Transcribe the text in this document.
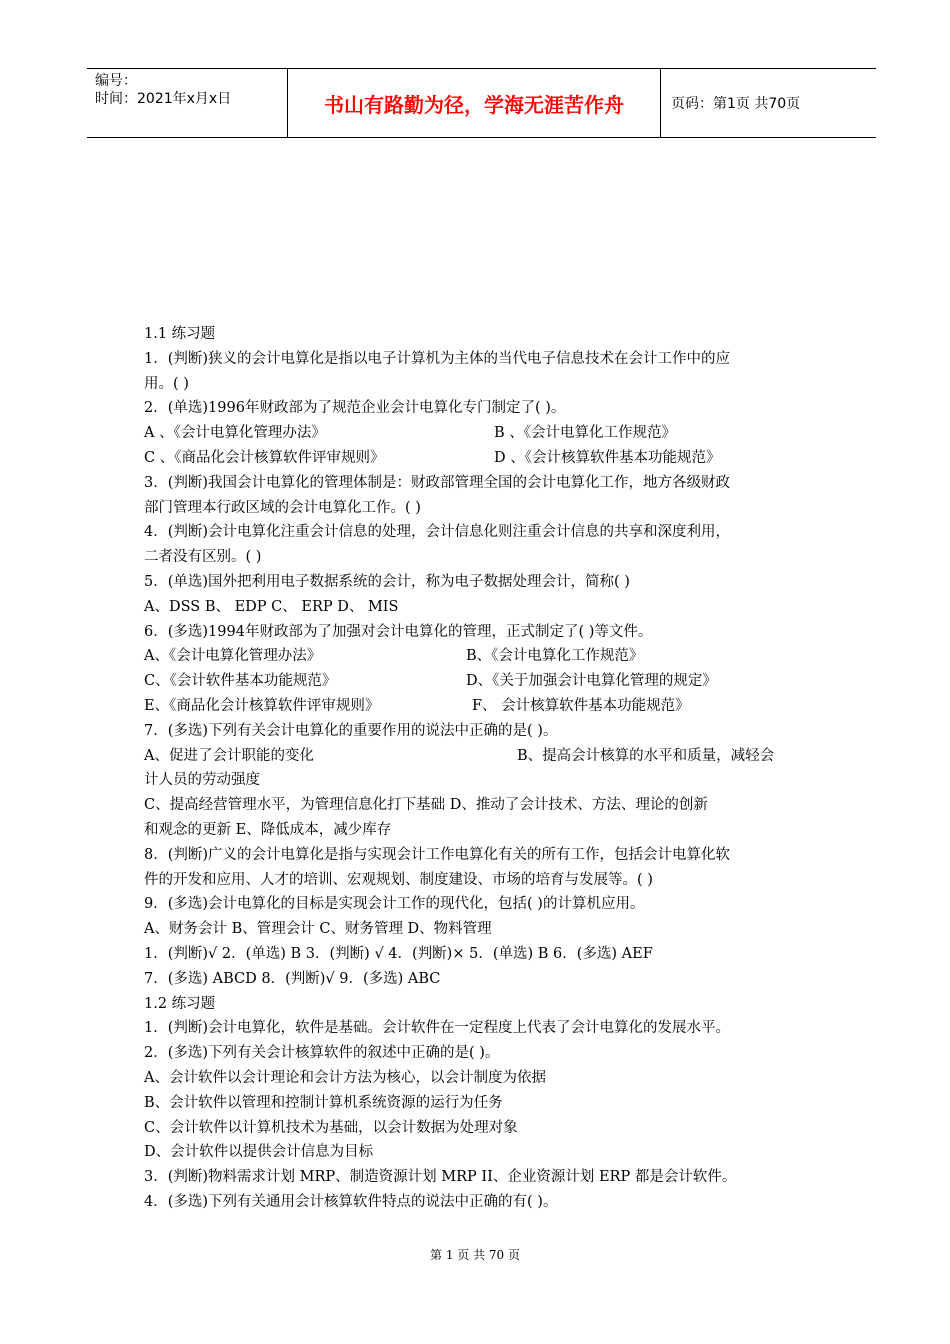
编号：
时间：2021年x月x日	书山有路勤为径，学海无涯苦作舟	页码：第1页 共70页
1.1 练习题
1．(判断)狭义的会计电算化是指以电子计算机为主体的当代电子信息技术在会计工作中的应
用。( )
2．(单选)1996年财政部为了规范企业会计电算化专门制定了( )。
A 、《会计电算化管理办法》	B 、《会计电算化工作规范》
C 、《商品化会计核算软件评审规则》	D 、《会计核算软件基本功能规范》
3．(判断)我国会计电算化的管理体制是：财政部管理全国的会计电算化工作，地方各级财政
部门管理本行政区域的会计电算化工作。( )
4．(判断)会计电算化注重会计信息的处理，会计信息化则注重会计信息的共享和深度利用，
二者没有区别。( )
5．(单选)国外把利用电子数据系统的会计，称为电子数据处理会计，简称( )
A、DSS B、 EDP C、 ERP D、 MIS
6．(多选)1994年财政部为了加强对会计电算化的管理，正式制定了( )等文件。
A、《会计电算化管理办法》	B、《会计电算化工作规范》
C、《会计软件基本功能规范》	D、《关于加强会计电算化管理的规定》
E、《商品化会计核算软件评审规则》	F、 会计核算软件基本功能规范》
7．(多选)下列有关会计电算化的重要作用的说法中正确的是( )。
A、促进了会计职能的变化	B、提高会计核算的水平和质量，减轻会
计人员的劳动强度
C、提高经营管理水平，为管理信息化打下基础 D、推动了会计技术、方法、理论的创新
和观念的更新 E、降低成本，减少库存
8．(判断)广义的会计电算化是指与实现会计工作电算化有关的所有工作，包括会计电算化软
件的开发和应用、人才的培训、宏观规划、制度建设、市场的培育与发展等。( )
9．(多选)会计电算化的目标是实现会计工作的现代化，包括( )的计算机应用。
A、财务会计 B、管理会计 C、财务管理 D、物料管理
1．(判断)√ 2．(单选) B 3．(判断) √ 4．(判断)× 5．(单选) B 6．(多选) AEF
7．(多选) ABCD 8．(判断)√ 9．(多选) ABC
1.2 练习题
1．(判断)会计电算化，软件是基础。会计软件在一定程度上代表了会计电算化的发展水平。
2．(多选)下列有关会计核算软件的叙述中正确的是( )。
A、会计软件以会计理论和会计方法为核心，以会计制度为依据
B、会计软件以管理和控制计算机系统资源的运行为任务
C、会计软件以计算机技术为基础，以会计数据为处理对象
D、会计软件以提供会计信息为目标
3．(判断)物料需求计划 MRP、制造资源计划 MRP II、企业资源计划 ERP 都是会计软件。
4．(多选)下列有关通用会计核算软件特点的说法中正确的有( )。
第 1 页 共 70 页
